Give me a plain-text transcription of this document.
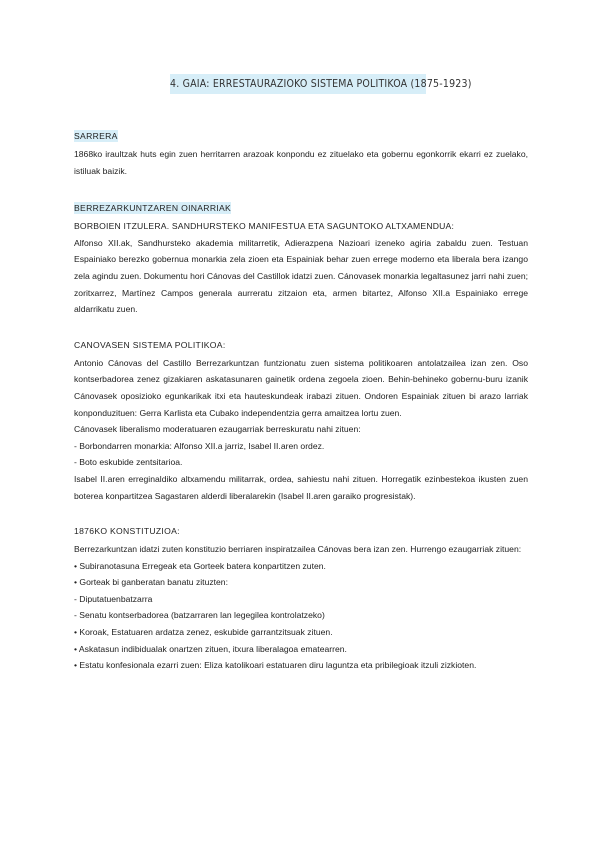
4. GAIA: ERRESTAURAZIOKO SISTEMA POLITIKOA (1875-1923)
SARRERA

1868ko iraultzak huts egin zuen herritarren arazoak konpondu ez zituelako eta gobernu egonkorrik ekarri ez zuelako, istiluak baizik.

BERREZARKUNTZAREN OINARRIAK

BORBOIEN ITZULERA. SANDHURSTEKO MANIFESTUA ETA SAGUNTOKO ALTXAMENDUA:

Alfonso XII.ak, Sandhursteko akademia militarretik, Adierazpena Nazioari izeneko agiria zabaldu zuen. Testuan Espainiako berezko gobernua monarkia zela zioen eta Espainiak behar zuen errege moderno eta liberala bera izango zela agindu zuen. Dokumentu hori Cánovas del Castillok idatzi zuen. Cánovasek monarkia legaltasunez jarri nahi zuen; zoritxarrez, Martínez Campos generala aurreratu zitzaion eta, armen bitartez, Alfonso XII.a Espainiako errege aldarrikatu zuen.

CANOVASEN SISTEMA POLITIKOA:

Antonio Cánovas del Castillo Berrezarkuntzan funtzionatu zuen sistema politikoaren antolatzailea izan zen. Oso kontserbadorea zenez gizakiaren askatasunaren gainetik ordena zegoela zioen. Behin-behineko gobernu-buru izanik Cánovasek oposizioko egunkarikak itxi eta hauteskundeak irabazi zituen. Ondoren Espainiak zituen bi arazo larriak konponduzituen: Gerra Karlista eta Cubako independentzia gerra amaitzea lortu zuen.

Cánovasek liberalismo moderatuaren ezaugarriak berreskuratu nahi zituen:

- Borbondarren monarkia: Alfonso XII.a jarriz, Isabel II.aren ordez.

- Boto eskubide zentsitarioa.

Isabel II.aren erreginaldiko altxamendu militarrak, ordea, sahiestu nahi zituen. Horregatik ezinbestekoa ikusten zuen boterea konpartitzea Sagastaren alderdi liberalarekin (Isabel II.aren garaiko progresistak).

1876KO KONSTITUZIOA:

Berrezarkuntzan idatzi zuten konstituzio berriaren inspiratzailea Cánovas bera izan zen. Hurrengo ezaugarriak zituen:

• Subiranotasuna Erregeak eta Gorteek batera konpartitzen zuten.

• Gorteak bi ganberatan banatu zituzten:

- Diputatuenbatzarra

- Senatu kontserbadorea (batzarraren lan legegilea kontrolatzeko)

• Koroak, Estatuaren ardatza zenez, eskubide garrantzitsuak zituen.

• Askatasun indibidualak onartzen zituen, itxura liberalagoa ematearren.

• Estatu konfesionala ezarri zuen: Eliza katolikoari estatuaren diru laguntza eta pribilegioak itzuli zizkioten.
